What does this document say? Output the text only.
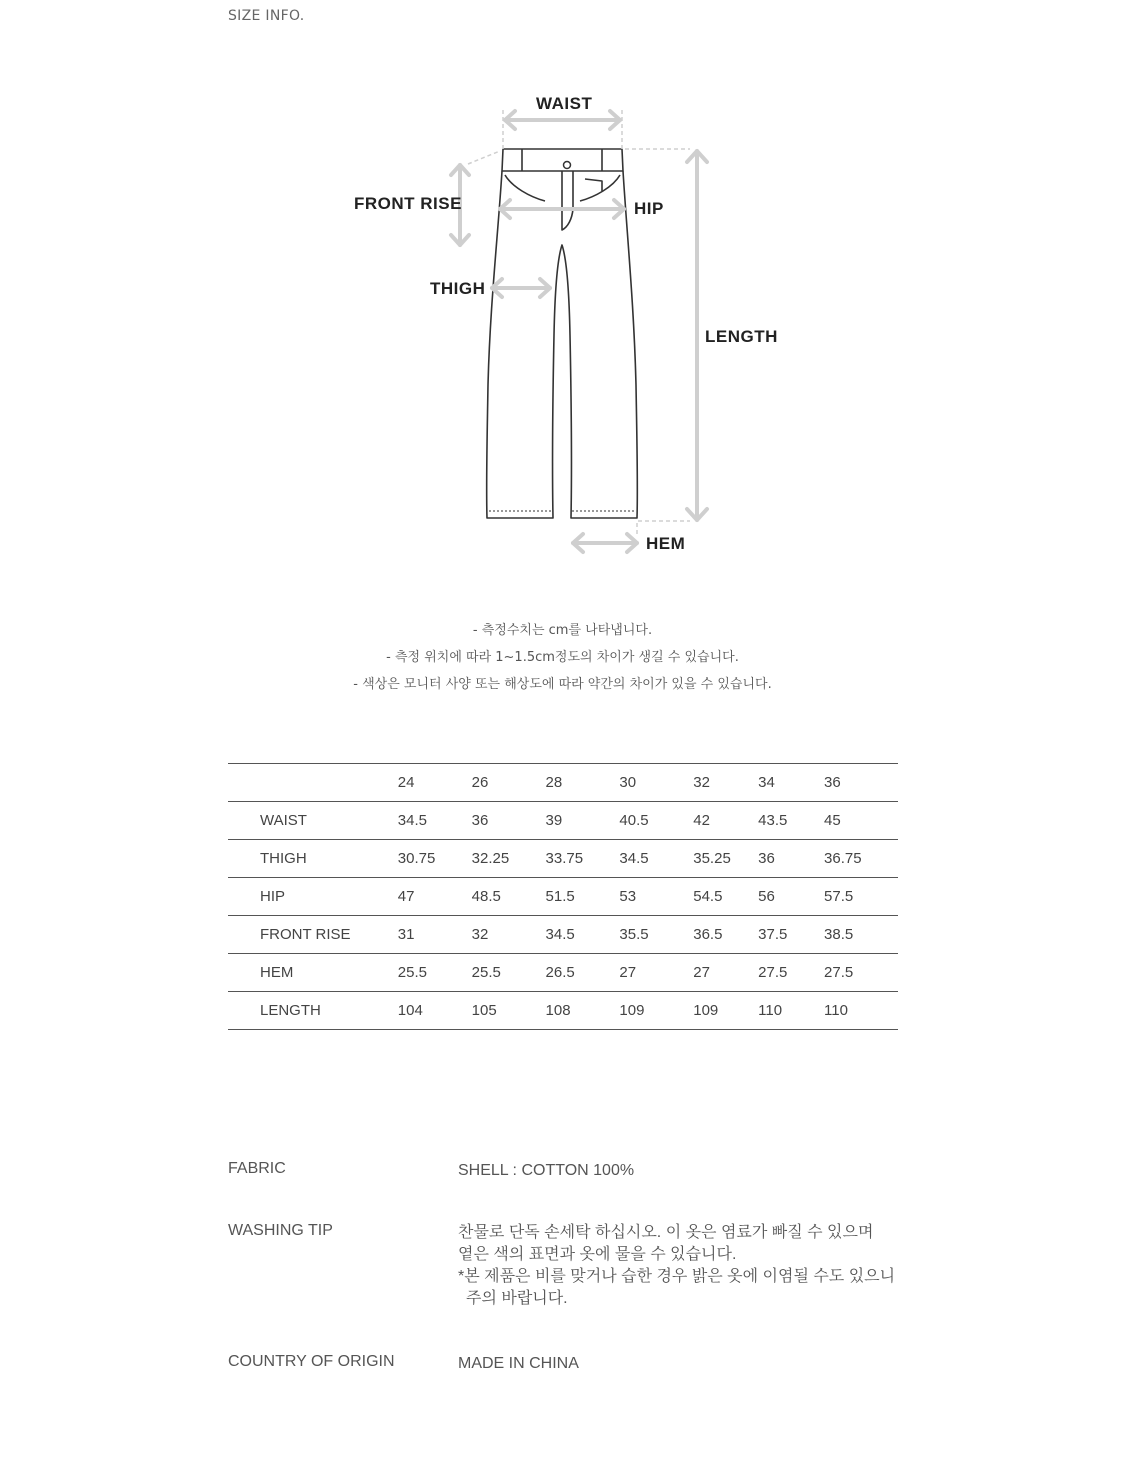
SIZE INFO.
WAIST
FRONT RISE	HIP
THIGH
LENGTH
HEM
- 측정수치는 cm를 나타냅니다.
- 측정 위치에 따라 1~1.5cm정도의 차이가 생길 수 있습니다.
- 색상은 모니터 사양 또는 해상도에 따라 약간의 차이가 있을 수 있습니다.
	24	26	28	30	32	34	36
WAIST	34.5	36	39	40.5	42	43.5	45
THIGH	30.75	32.25	33.75	34.5	35.25	36	36.75
HIP	47	48.5	51.5	53	54.5	56	57.5
FRONT RISE	31	32	34.5	35.5	36.5	37.5	38.5
HEM	25.5	25.5	26.5	27	27	27.5	27.5
LENGTH	104	105	108	109	109	110	110
FABRIC	SHELL : COTTON 100%
WASHING TIP	찬물로 단독 손세탁 하십시오. 이 옷은 염료가 빠질 수 있으며
옅은 색의 표면과 옷에 물을 수 있습니다.
*본 제품은 비를 맞거나 습한 경우 밝은 옷에 이염될 수도 있으니
주의 바랍니다.
COUNTRY OF ORIGIN	MADE IN CHINA
